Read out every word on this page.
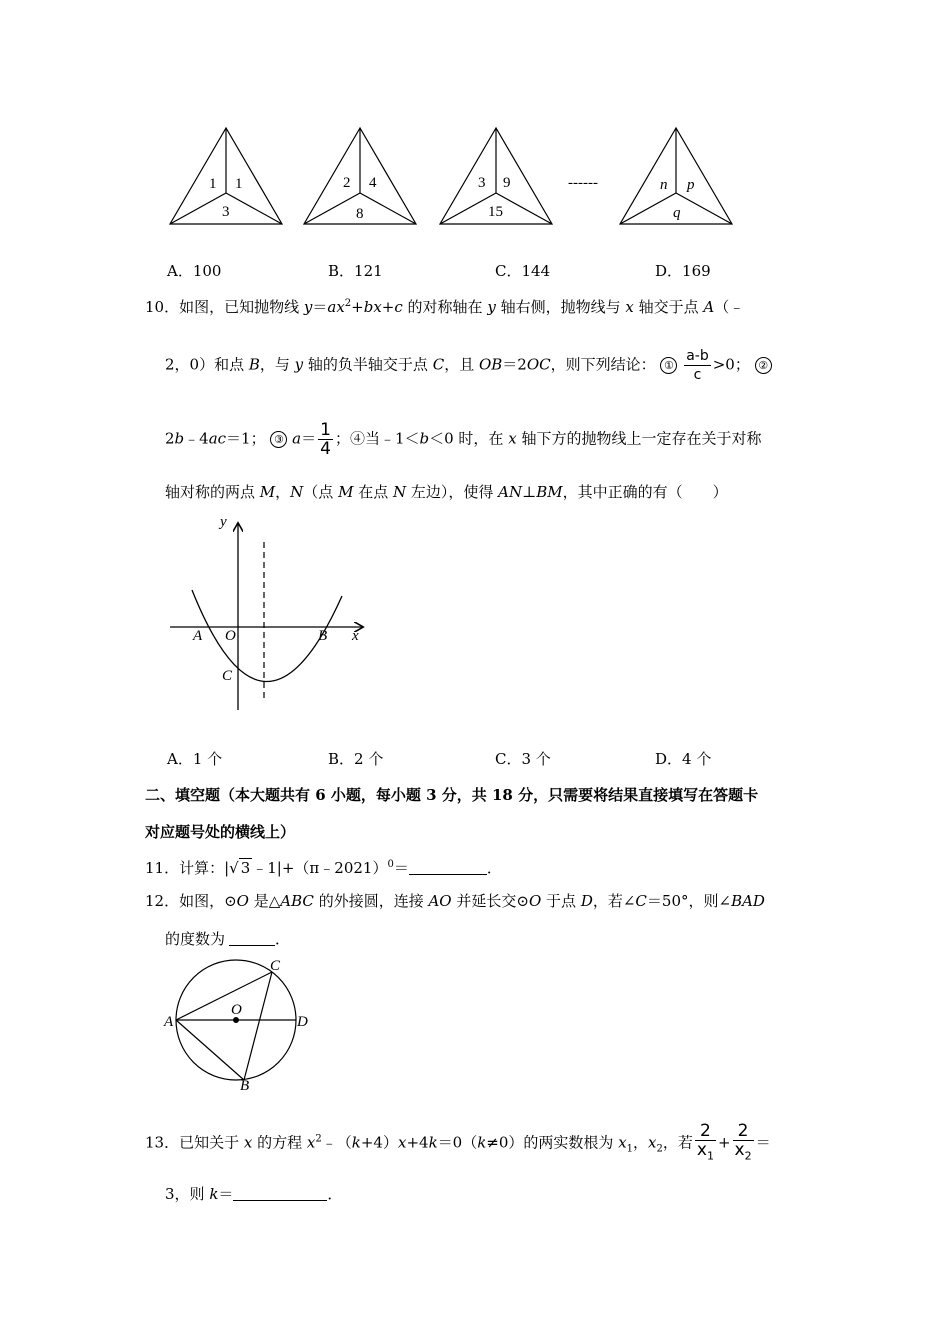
1 1
3
2 4
8
3 9
15
------	n p
q
A．100	B．121	C．144	D．169
10．如图，已知抛物线 $y=ax^2+bx+c$ 的对称轴在 y 轴右侧，抛物线与 x 轴交于点 A（﹣
2，0）和点 B，与 y 轴的负半轴交于点 C，且 OB＝2OC，则下列结论： ① $\frac{a-b}{c} >0$； ②
2b﹣4ac＝1； ③ $a= \frac{1}{4}$ ；④当﹣1＜b＜0 时，在 x 轴下方的抛物线上一定存在关于对称
轴对称的两点 M，N（点 M 在点 N 左边），使得 AN⊥BM，其中正确的有（　　）
y
x
A O	B
C
A．1 个	B．2 个	C．3 个	D．4 个
二、填空题（本大题共有 6 小题，每小题 3 分，共 18 分，只需要将结果直接填写在答题卡
对应题号处的横线上）
11．计算：|√ 3 ﹣1|+（π﹣2021）$^0$＝	．
12．如图，⊙O 是△ABC 的外接圆，连接 AO 并延长交⊙O 于点 D，若∠C＝50°，则∠BAD
的度数为	．
A
O
D
C
B
13．已知关于 x 的方程 $x^2﹣(k+4)x+4k=0(k\ne 0)$的两实数根为 $x_1$，$x_2$，若 $\frac{2}{x_1} + \frac{2}{x_2}$ ＝
3，则 k＝	．
